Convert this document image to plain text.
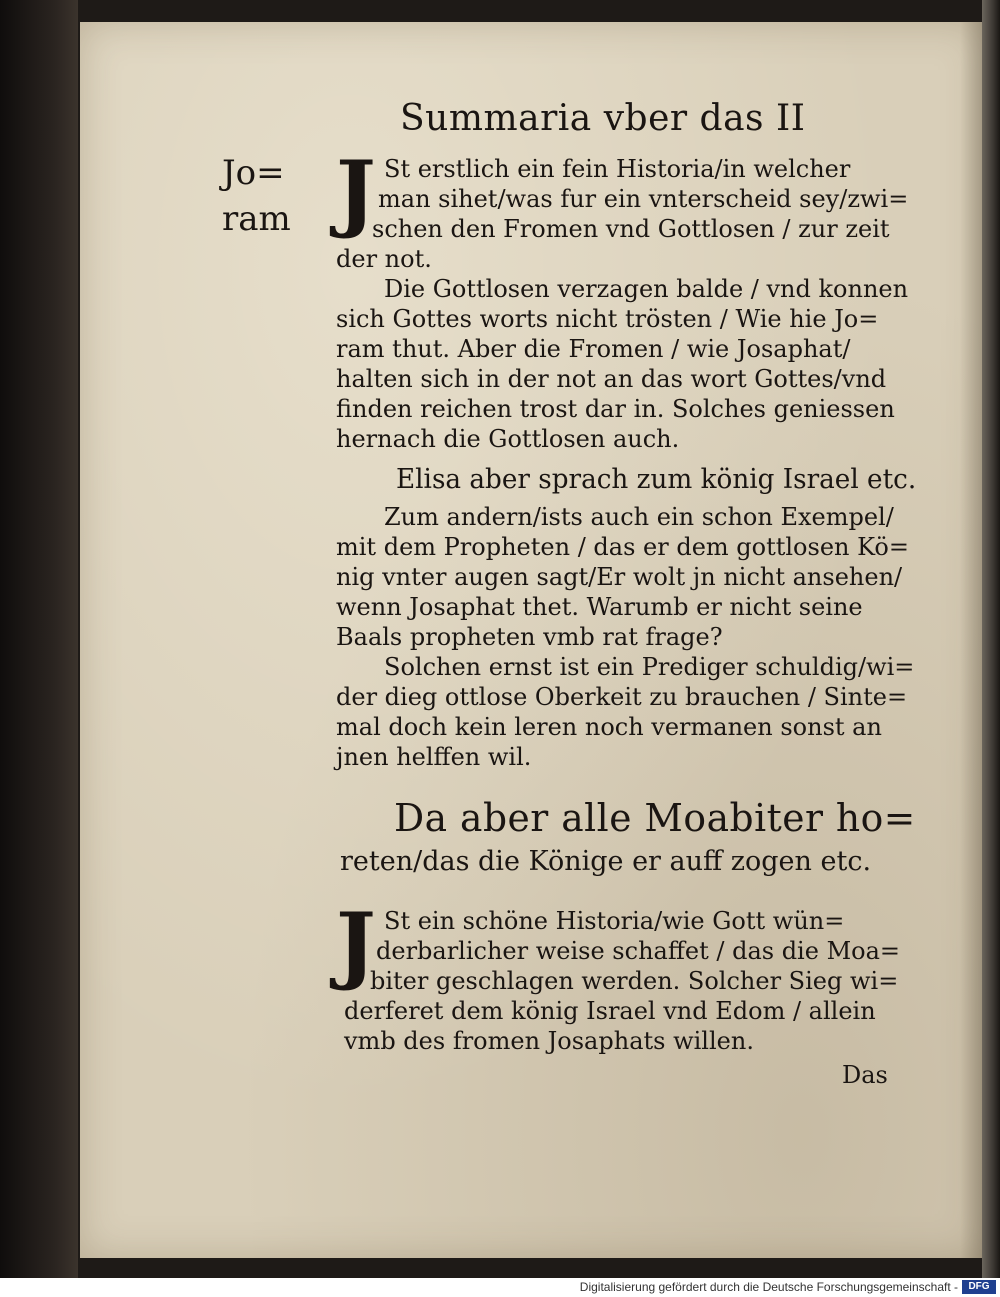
Summaria vber das II
Jo=
ram J St erstlich ein fein Historia/in welcher
man sihet/was fur ein vnterscheid sey/zwi=
schen den Fromen vnd Gottlosen / zur zeit
der not.
Die Gottlosen verzagen balde / vnd konnen
sich Gottes worts nicht trösten / Wie hie Jo=
ram thut. Aber die Fromen / wie Josaphat/
halten sich in der not an das wort Gottes/vnd
finden reichen trost dar in. Solches geniessen
hernach die Gottlosen auch.
Elisa aber sprach zum könig Israel etc.
Zum andern/ists auch ein schon Exempel/
mit dem Propheten / das er dem gottlosen Kö=
nig vnter augen sagt/Er wolt jn nicht ansehen/
wenn Josaphat thet. Warumb er nicht seine
Baals propheten vmb rat frage?
Solchen ernst ist ein Prediger schuldig/wi=
der dieg ottlose Oberkeit zu brauchen / Sinte=
mal doch kein leren noch vermanen sonst an
jnen helffen wil.
Da aber alle Moabiter ho=
reten/das die Könige er auff zogen etc.
J St ein schöne Historia/wie Gott wün=
derbarlicher weise schaffet / das die Moa=
biter geschlagen werden. Solcher Sieg wi=
derferet dem könig Israel vnd Edom / allein
vmb des fromen Josaphats willen.
Das
Digitalisierung gefördert durch die Deutsche Forschungsgemeinschaft -	DFG
